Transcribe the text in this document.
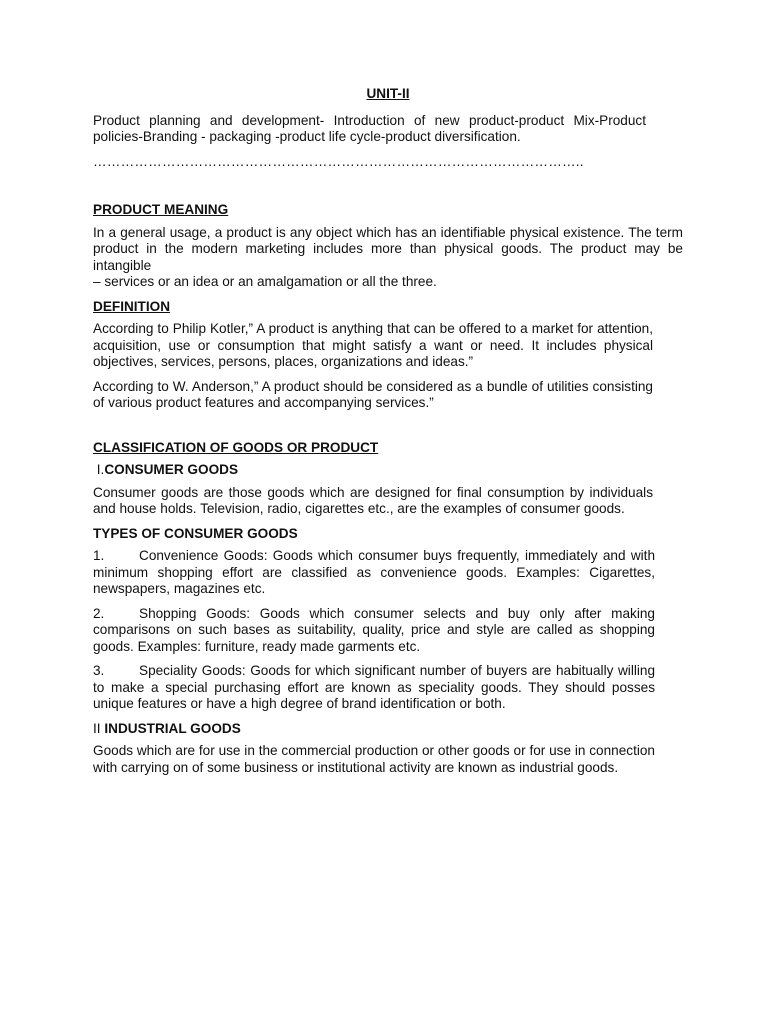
UNIT-II

Product planning and development- Introduction of new product-product Mix-Product policies-Branding - packaging -product life cycle-product diversification.

……………………………………………………………………………………………..
PRODUCT MEANING

In a general usage, a product is any object which has an identifiable physical existence. The term product in the modern marketing includes more than physical goods. The product may be intangible

– services or an idea or an amalgamation or all the three.

DEFINITION

According to Philip Kotler,” A product is anything that can be offered to a market for attention, acquisition, use or consumption that might satisfy a want or need. It includes physical objectives, services, persons, places, organizations and ideas.”

According to W. Anderson,” A product should be considered as a bundle of utilities consisting of various product features and accompanying services.”

CLASSIFICATION OF GOODS OR PRODUCT
I.CONSUMER GOODS

Consumer goods are those goods which are designed for final consumption by individuals and house holds. Television, radio, cigarettes etc., are the examples of consumer goods.

TYPES OF CONSUMER GOODS
1.	Convenience Goods: Goods which consumer buys frequently, immediately and with minimum shopping effort are classified as convenience goods. Examples: Cigarettes, newspapers, magazines etc.
2.	Shopping Goods: Goods which consumer selects and buy only after making comparisons on such bases as suitability, quality, price and style are called as shopping goods. Examples: furniture, ready made garments etc.
3.	Speciality Goods: Goods for which significant number of buyers are habitually willing to make a special purchasing effort are known as speciality goods. They should posses unique features or have a high degree of brand identification or both.
II INDUSTRIAL GOODS

Goods which are for use in the commercial production or other goods or for use in connection with carrying on of some business or institutional activity are known as industrial goods.
